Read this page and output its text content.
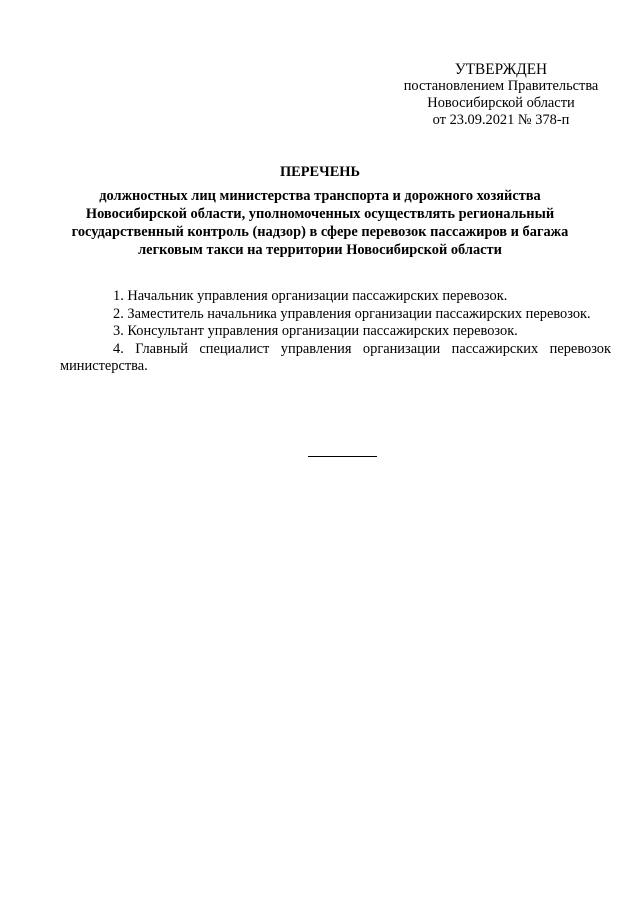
УТВЕРЖДЕН
постановлением Правительства
Новосибирской области
от 23.09.2021 № 378-п
ПЕРЕЧЕНЬ
должностных лиц министерства транспорта и дорожного хозяйства
Новосибирской области, уполномоченных осуществлять региональный
государственный контроль (надзор) в сфере перевозок пассажиров и багажа
легковым такси на территории Новосибирской области
1. Начальник управления организации пассажирских перевозок.
2. Заместитель начальника управления организации пассажирских перевозок.
3. Консультант управления организации пассажирских перевозок.
4. Главный специалист управления организации пассажирских перевозок министерства.
